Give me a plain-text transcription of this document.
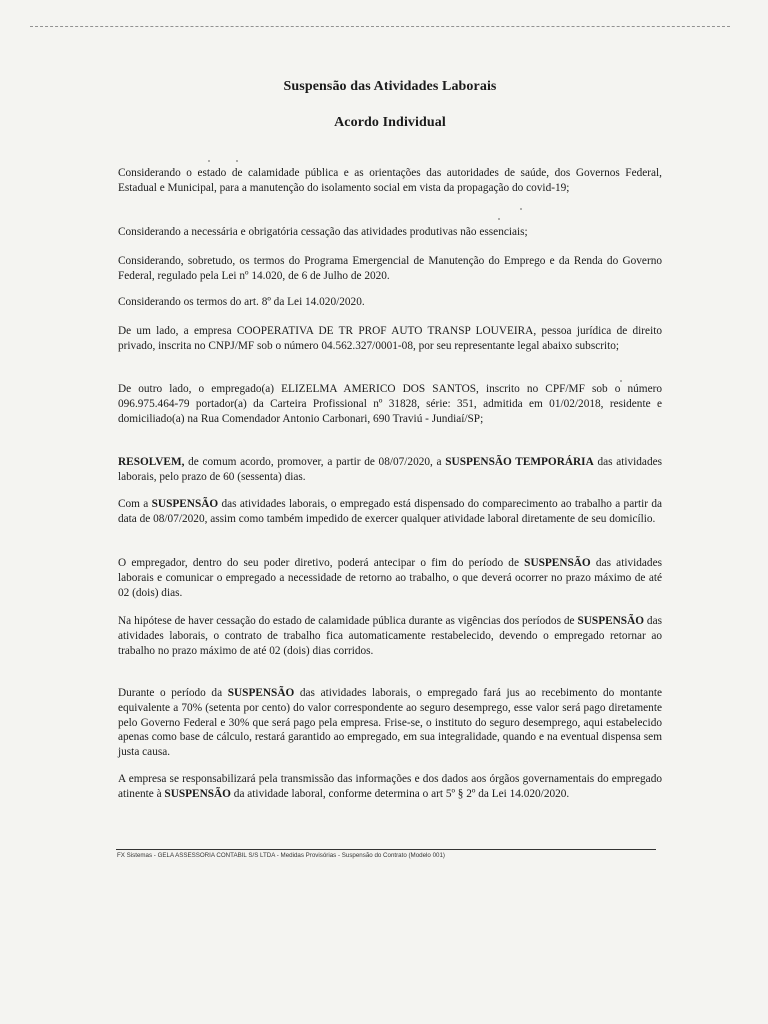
Suspensão das Atividades Laborais
Acordo Individual

Considerando o estado de calamidade pública e as orientações das autoridades de saúde, dos Governos Federal, Estadual e Municipal, para a manutenção do isolamento social em vista da propagação do covid-19;

Considerando a necessária e obrigatória cessação das atividades produtivas não essenciais;

Considerando, sobretudo, os termos do Programa Emergencial de Manutenção do Emprego e da Renda do Governo Federal, regulado pela Lei nº 14.020, de 6 de Julho de 2020.

Considerando os termos do art. 8º da Lei 14.020/2020.

De um lado, a empresa COOPERATIVA DE TR PROF AUTO TRANSP LOUVEIRA, pessoa jurídica de direito privado, inscrita no CNPJ/MF sob o número 04.562.327/0001-08, por seu representante legal abaixo subscrito;

De outro lado, o empregado(a) ELIZELMA AMERICO DOS SANTOS, inscrito no CPF/MF sob o número 096.975.464-79 portador(a) da Carteira Profissional nº 31828, série: 351, admitida em 01/02/2018, residente e domiciliado(a) na Rua Comendador Antonio Carbonari, 690 Traviú - Jundiaí/SP;

RESOLVEM, de comum acordo, promover, a partir de 08/07/2020, a SUSPENSÃO TEMPORÁRIA das atividades laborais, pelo prazo de 60 (sessenta) dias.

Com a SUSPENSÃO das atividades laborais, o empregado está dispensado do comparecimento ao trabalho a partir da data de 08/07/2020, assim como também impedido de exercer qualquer atividade laboral diretamente de seu domicílio.

O empregador, dentro do seu poder diretivo, poderá antecipar o fim do período de SUSPENSÃO das atividades laborais e comunicar o empregado a necessidade de retorno ao trabalho, o que deverá ocorrer no prazo máximo de até 02 (dois) dias.

Na hipótese de haver cessação do estado de calamidade pública durante as vigências dos períodos de SUSPENSÃO das atividades laborais, o contrato de trabalho fica automaticamente restabelecido, devendo o empregado retornar ao trabalho no prazo máximo de até 02 (dois) dias corridos.

Durante o período da SUSPENSÃO das atividades laborais, o empregado fará jus ao recebimento do montante equivalente a 70% (setenta por cento) do valor correspondente ao seguro desemprego, esse valor será pago diretamente pelo Governo Federal e 30% que será pago pela empresa. Frise-se, o instituto do seguro desemprego, aqui estabelecido apenas como base de cálculo, restará garantido ao empregado, em sua integralidade, quando e na eventual dispensa sem justa causa.

A empresa se responsabilizará pela transmissão das informações e dos dados aos órgãos governamentais do empregado atinente à SUSPENSÃO da atividade laboral, conforme determina o art 5º § 2º da Lei 14.020/2020.

FX Sistemas - GELA ASSESSORIA CONTABIL S/S LTDA - Medidas Provisórias - Suspensão do Contrato (Modelo 001)
